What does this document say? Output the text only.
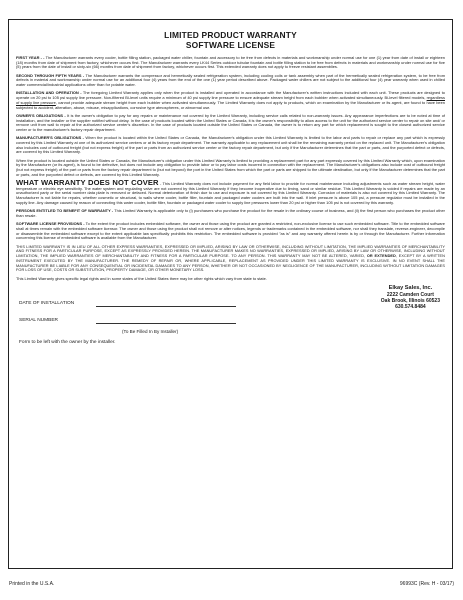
LIMITED PRODUCT WARRANTY
SOFTWARE LICENSE

FIRST YEAR - - The Manufacturer warrants every cooler, bottle filling station, packaged water chiller, fountain and accessory to be free from defects in materials and workmanship under normal use for one (1) year from date of install or eighteen (18) months from date of shipment from factory, whichever occurs first. The Manufacturer warrants every LK44 Series outdoor tubular fountain and bottle filling station to be free from defects in materials and workmanship under normal use for five (5) years from the date of install or sixty-six (66) months from date of shipment from factory, whichever occurs first. This extended warranty does not apply to freeze resistant assemblies.

SECOND THROUGH FIFTH YEARS - The Manufacturer warrants the compressor and hermetically sealed refrigeration system, including cooling coils or tank assembly when part of the hermetically sealed refrigeration system, to be free from defects in material and workmanship under normal use for an additional four (4) years from the end of the one (1) year period described above. Packaged water chillers are not subject to the additional four (4) year warranty when used in chilled water commercial/industrial applications other than for potable water.

INSTALLATION AND OPERATION - The foregoing Limited Warranty applies only when the product is installed and operated in accordance with the Manufacturer's written instructions included with each unit. These products are designed to operate on 20 psi to 105 psi supply line pressure. Non-filtered Bi-level units require a minimum of 40 psi supply line pressure to ensure adequate stream height from each bubbler when activated simultaneously. Bi-level filtered models, regardless of supply line pressure, cannot provide adequate stream height from each bubbler when activated simultaneously. The Limited Warranty does not apply to products, which on examination by the Manufacturer or its agent, are found to have been subjected to accident, alteration, abuse, misuse, misapplications, corrosive type atmospheres, or abnormal use.

OWNER'S OBLIGATIONS - It is the owner's obligation to pay for any repairs or maintenance not covered by the Limited Warranty, including service calls related to non-warranty issues. Any appearance imperfections are to be noted at time of installation, and the installer or the supplier notified without delay. In the case of products located within the United States or Canada, it is the owner's responsibility to allow access to the unit for the authorized service center to repair on site and/ or remove unit from wall to repair at the authorized service center's discretion. In the case of products located outside the United States or Canada, the owner is to return any part for which replacement is sought to the closest authorized service center or to the manufacturer's factory repair department.

MANUFACTURER'S OBLIGATIONS - When the product is located within the United States or Canada, the Manufacturer's obligation under this Limited Warranty is limited to the labor and parts to repair or replace any part which is expressly covered by this Limited Warranty at one of its authorized service centers or at its factory repair department. The warranty applicable to any replacement unit shall be the remaining warranty period on the replaced unit. The Manufacturer's obligation also includes cost of outbound freight (but not express freight) of the part or parts from an authorized service center or the factory repair department, but only if the Manufacturer determines that the part or parts, and the purported defect or defects, are covered by this Limited Warranty.

When the product is located outside the United States or Canada, the Manufacturer's obligation under this Limited Warranty is limited to providing a replacement part for any part expressly covered by this Limited Warranty which, upon examination by the Manufacturer (or its agent), is found to be defective, but does not include any obligation to provide labor or to pay labor costs incurred in connection with the replacement. The Manufacturer's obligations also include cost of outbound freight (but not express freight) of the part or parts from the factory repair department to (but not beyond) the port in the United States from which the part or parts are shipped to the ultimate destination, but only if the Manufacturer determines that the part or parts, and the purported defect or defects, are covered by this Limited Warranty.

WHAT WARRANTY DOES NOT COVER - This Limited Warranty does not include payment for any field labor to provide for normal maintenance including adjustments such as water stream height, water temperature or electric eye sensitivity. The water system and regulating valve are not covered by this Limited Warranty if they become inoperative due to liming, sand or similar residue. This Limited Warranty is voided if repairs are made by an unauthorized party or the serial number data plate is removed or defaced. Normal deterioration of finish due to use and exposure is not covered by this Limited Warranty. Corrosion of materials is also not covered by this Limited Warranty. The Manufacturer is not liable for repairs, whether cosmetic or structural, to walls where cooler, bottle filler, fountain and packaged water coolers are built into the wall. If inlet pressure is above 105 psi, a pressure regulator must be installed in the supply line. Any damage caused by reason of connecting this water cooler, bottle filler, fountain or packaged water cooler to supply line pressures lower than 20 psi or higher than 105 psi is not covered by this warranty.

PERSONS ENTITLED TO BENEFIT OF WARRANTY - This Limited Warranty is applicable only to (i) purchasers who purchase the product for the resale in the ordinary course of business, and (ii) the first person who purchases the product other than resale.

SOFTWARE LICENSE PROVISIONS - To the extent the product includes embedded software, the owner and those using the product are granted a restricted, non-exclusive license to use such embedded software. Title to the embedded software shall at times remain with the embedded software licensor. The owner and those using the product shall not remove or alter notices, legends or trademarks contained in the embedded software, nor shall they translate, reverse-engineer, decompile or disassemble the embedded software except to the extent applicable law specifically prohibits this restriction. The embedded software is provided "as is" and any warranty offered herein is by or through the Manufacturer. Further information concerning this license of embedded software is available from the Manufacturer.

THIS LIMITED WARRANTY IS IN LIEU OF ALL OTHER EXPRESS WARRANTIES, EXPRESSED OR IMPLIED, ARISING BY LAW OR OTHERWISE, INCLUDING WITHOUT LIMITATION, THE IMPLIED WARRANTIES OF MERCHANTABILITY AND FITNESS FOR A PARTICULAR PURPOSE, EXCEPT AS EXPRESSLY PROVIDED HEREIN. THE MANUFACTURER MAKES NO WARRANTIES, EXPRESSED OR IMPLIED, ARISING BY LAW OR OTHERWISE, INCLUDING WITHOUT LIMITATION, THE IMPLIED WARRANTIES OF MERCHANTABILITY AND FITNESS FOR A PARTICULAR PURPOSE. TO ANY PERSON. THIS WARRANTY MAY NOT BE ALTERED, VARIED, OR EXTENDED, EXCEPT BY A WRITTEN INSTRUMENT EXECUTED BY THE MANUFACTURER. THE REMEDY OF REPAIR OR, WHERE APPLICABLE, REPLACEMENT AS PROVIDED UNDER THIS LIMITED WARRANTY IS EXCLUSIVE. IN NO EVENT SHALL THE MANUFACTURER BE LIABLE FOR ANY CONSEQUENTIAL OR INCIDENTAL DAMAGES TO ANY PERSON, WHETHER OR NOT OCCASIONED BY NEGLIGENCE OF THE MANUFACTURER, INCLUDING WITHOUT LIMITATION DAMAGES FOR LOSS OF USE, COSTS OR SUBSTITUTION, PROPERTY DAMAGE, OR OTHER MONETARY LOSS.

This Limited Warranty gives specific legal rights and in some states of the United States there may be other rights which vary from state to state.

DATE OF INSTALLATION
SERIAL NUMBER
(To Be Filled In By Installer)
Form to be left with the owner by the installer.
Elkay Sales, Inc.
2222 Camden Court
Oak Brook, Illinois 60523
630.574.8484
Printed in the U.S.A.	96993C (Rev. H - 03/17)
